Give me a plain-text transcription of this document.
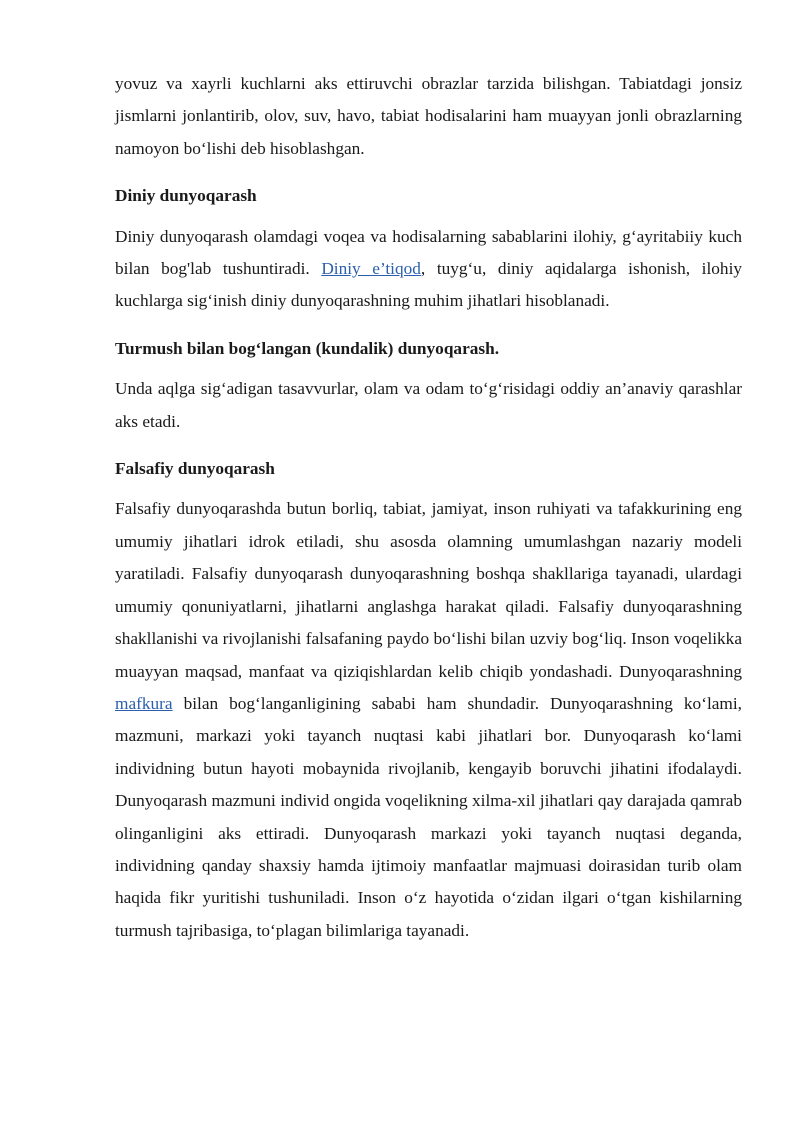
yovuz va xayrli kuchlarni aks ettiruvchi obrazlar tarzida bilishgan. Tabiatdagi jonsiz jismlarni jonlantirib, olov, suv, havo, tabiat hodisalarini ham muayyan jonli obrazlarning namoyon bo‘lishi deb hisoblashgan.

Diniy dunyoqarash

Diniy dunyoqarash olamdagi voqea va hodisalarning sabablarini ilohiy, g‘ayritabiiy kuch bilan bog'lab tushuntiradi. Diniy e’tiqod, tuyg‘u, diniy aqidalarga ishonish, ilohiy kuchlarga sig‘inish diniy dunyoqarashning muhim jihatlari hisoblanadi.

Turmush bilan bog‘langan (kundalik) dunyoqarash.

Unda aqlga sig‘adigan tasavvurlar, olam va odam to‘g‘risidagi oddiy an’anaviy qarashlar aks etadi.

Falsafiy dunyoqarash

Falsafiy dunyoqarashda butun borliq, tabiat, jamiyat, inson ruhiyati va tafakkurining eng umumiy jihatlari idrok etiladi, shu asosda olamning umumlashgan nazariy modeli yaratiladi. Falsafiy dunyoqarash dunyoqarashning boshqa shakllariga tayanadi, ulardagi umumiy qonuniyatlarni, jihatlarni anglashga harakat qiladi. Falsafiy dunyoqarashning shakllanishi va rivojlanishi falsafaning paydo bo‘lishi bilan uzviy bog‘liq. Inson voqelikka muayyan maqsad, manfaat va qiziqishlardan kelib chiqib yondashadi. Dunyoqarashning mafkura bilan bog‘langanligining sababi ham shundadir. Dunyoqarashning ko‘lami, mazmuni, markazi yoki tayanch nuqtasi kabi jihatlari bor. Dunyoqarash ko‘lami individning butun hayoti mobaynida rivojlanib, kengayib boruvchi jihatini ifodalaydi. Dunyoqarash mazmuni individ ongida voqelikning xilma-xil jihatlari qay darajada qamrab olinganligini aks ettiradi. Dunyoqarash markazi yoki tayanch nuqtasi deganda, individning qanday shaxsiy hamda ijtimoiy manfaatlar majmuasi doirasidan turib olam haqida fikr yuritishi tushuniladi. Inson o‘z hayotida o‘zidan ilgari o‘tgan kishilarning turmush tajribasiga, to‘plagan bilimlariga tayanadi.
